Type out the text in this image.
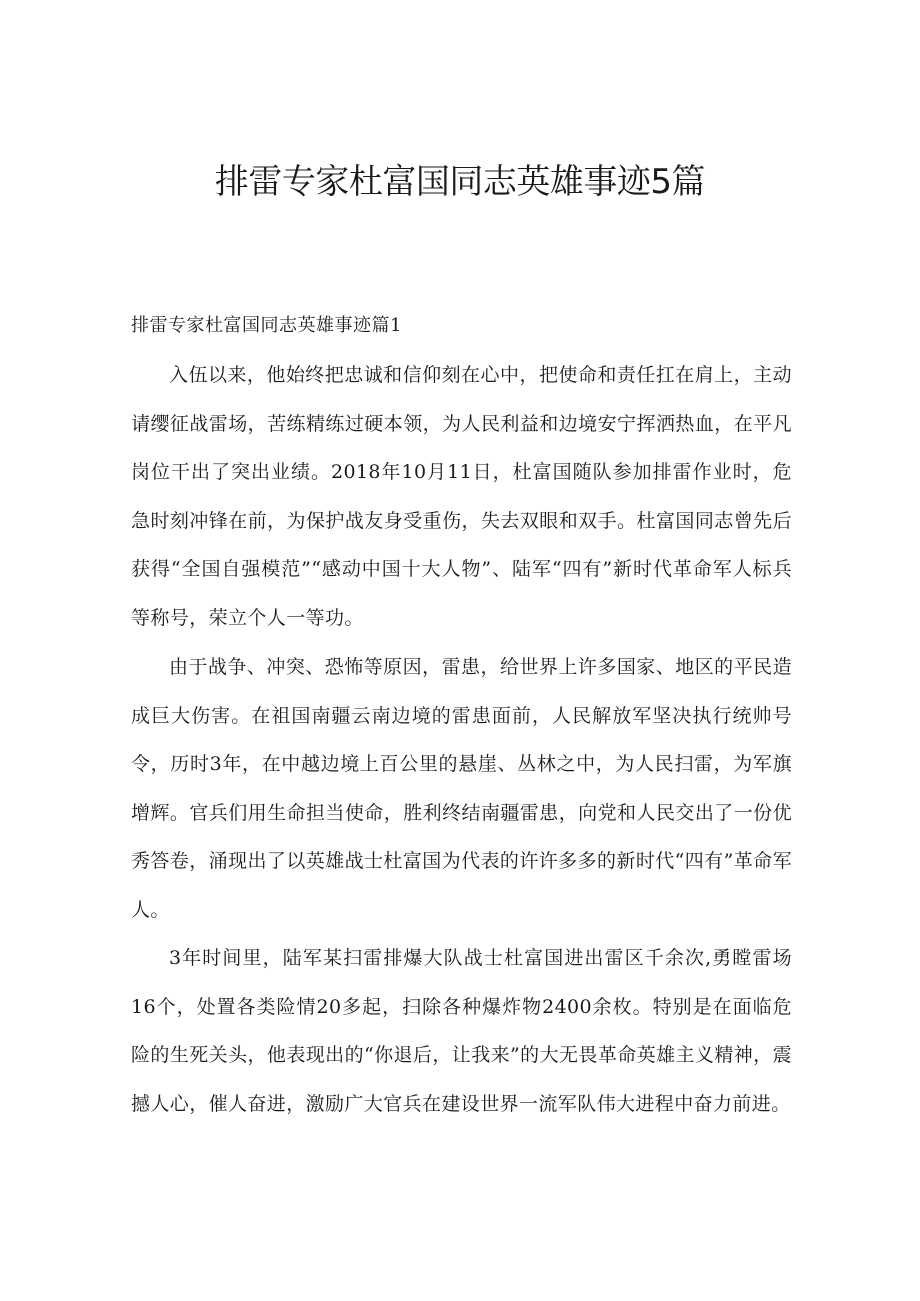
排雷专家杜富国同志英雄事迹5篇

排雷专家杜富国同志英雄事迹篇1

入伍以来，他始终把忠诚和信仰刻在心中，把使命和责任扛在肩上，主动请缨征战雷场，苦练精练过硬本领，为人民利益和边境安宁挥洒热血，在平凡岗位干出了突出业绩。2018年10月11日，杜富国随队参加排雷作业时，危急时刻冲锋在前，为保护战友身受重伤，失去双眼和双手。杜富国同志曾先后获得“全国自强模范”“感动中国十大人物”、陆军“四有”新时代革命军人标兵等称号，荣立个人一等功。

由于战争、冲突、恐怖等原因，雷患，给世界上许多国家、地区的平民造成巨大伤害。在祖国南疆云南边境的雷患面前，人民解放军坚决执行统帅号令，历时3年，在中越边境上百公里的悬崖、丛林之中，为人民扫雷，为军旗增辉。官兵们用生命担当使命，胜利终结南疆雷患，向党和人民交出了一份优秀答卷，涌现出了以英雄战士杜富国为代表的许许多多的新时代“四有”革命军人。

3年时间里，陆军某扫雷排爆大队战士杜富国进出雷区千余次,勇瞠雷场16个，处置各类险情20多起，扫除各种爆炸物2400余枚。特别是在面临危险的生死关头，他表现出的“你退后，让我来”的大无畏革命英雄主义精神，震撼人心，催人奋进，激励广大官兵在建设世界一流军队伟大进程中奋力前进。
